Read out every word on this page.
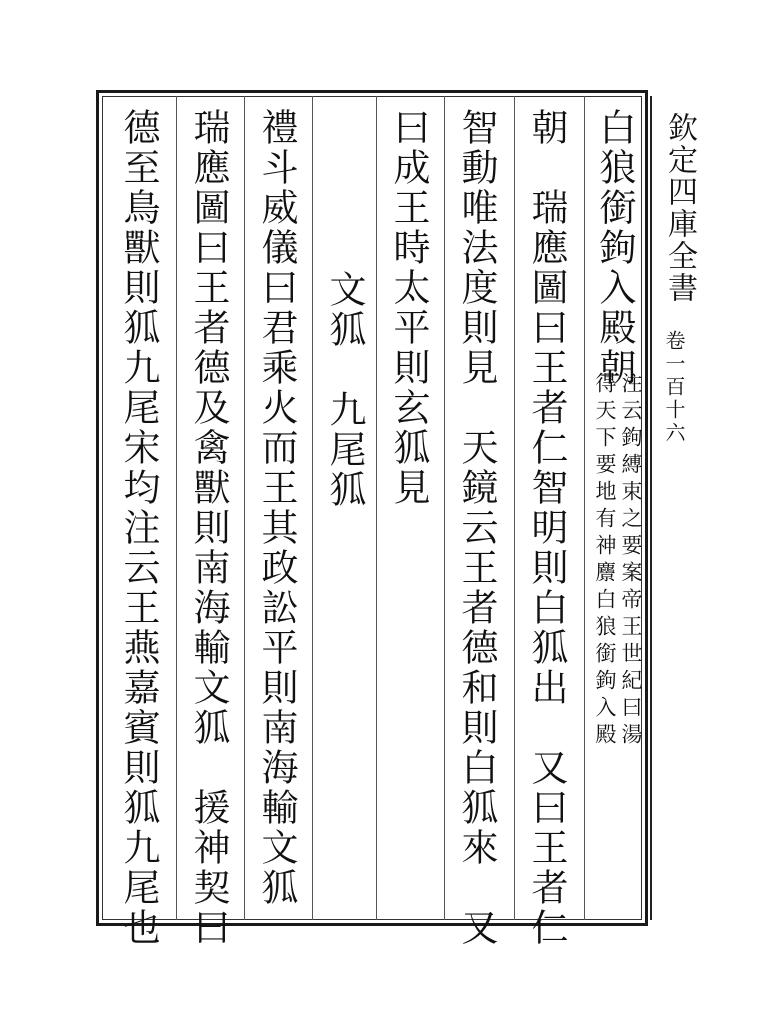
欽定四庫全書
卷一百十六
白狼銜鉤入殿朝
注云鉤縛束之要案帝王世紀曰湯
得天下要地有神麖白狼銜鉤入殿
朝　瑞應圖曰王者仁智明則白狐出　又曰王者仁
智動唯法度則見　天鏡云王者德和則白狐來　又
曰成王時太平則玄狐見
文狐　九尾狐
禮斗威儀曰君乘火而王其政訟平則南海輸文狐
瑞應圖曰王者德及禽獸則南海輸文狐　援神契曰
德至鳥獸則狐九尾宋均注云王燕嘉賓則狐九尾也
